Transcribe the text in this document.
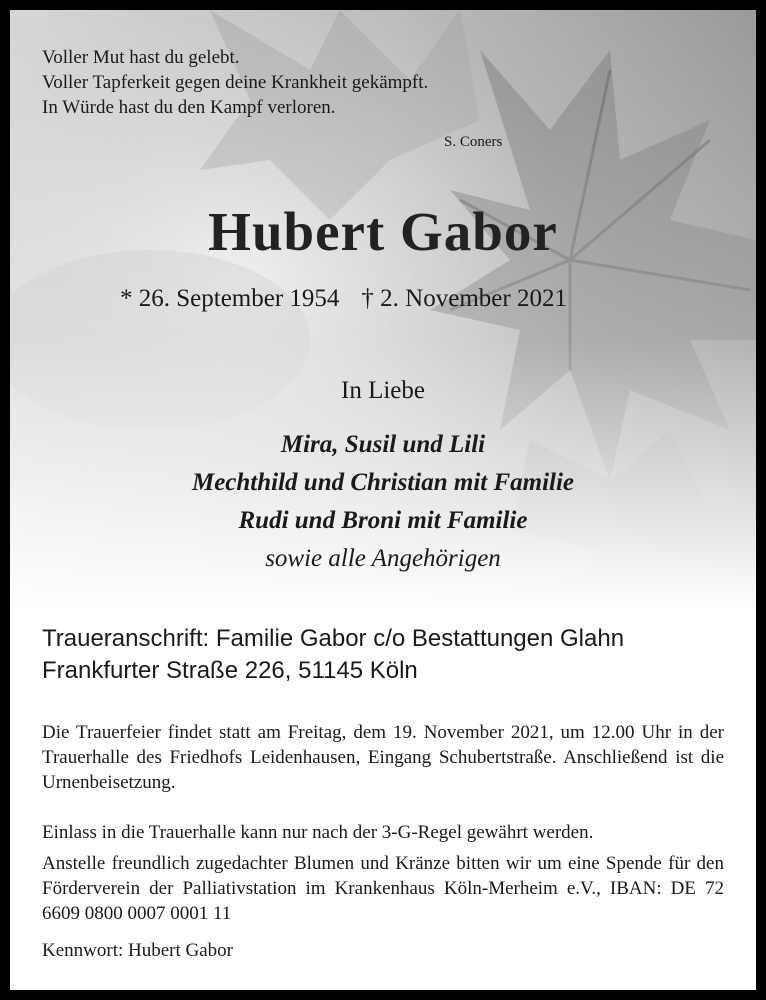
Voller Mut hast du gelebt.
Voller Tapferkeit gegen deine Krankheit gekämpft.
In Würde hast du den Kampf verloren.
S. Coners
Hubert Gabor
* 26. September 1954 † 2. November 2021
In Liebe
Mira, Susil und Lili
Mechthild und Christian mit Familie
Rudi und Broni mit Familie
sowie alle Angehörigen
Traueranschrift: Familie Gabor c/o Bestattungen Glahn
Frankfurter Straße 226, 51145 Köln
Die Trauerfeier findet statt am Freitag, dem 19. November 2021, um 12.00 Uhr in der Trauerhalle des Friedhofs Leidenhausen, Eingang Schubertstraße. Anschließend ist die Urnenbeisetzung.
Einlass in die Trauerhalle kann nur nach der 3-G-Regel gewährt werden.
Anstelle freundlich zugedachter Blumen und Kränze bitten wir um eine Spende für den Förderverein der Palliativstation im Krankenhaus Köln-Merheim e.V., IBAN: DE 72 6609 0800 0007 0001 11
Kennwort: Hubert Gabor
